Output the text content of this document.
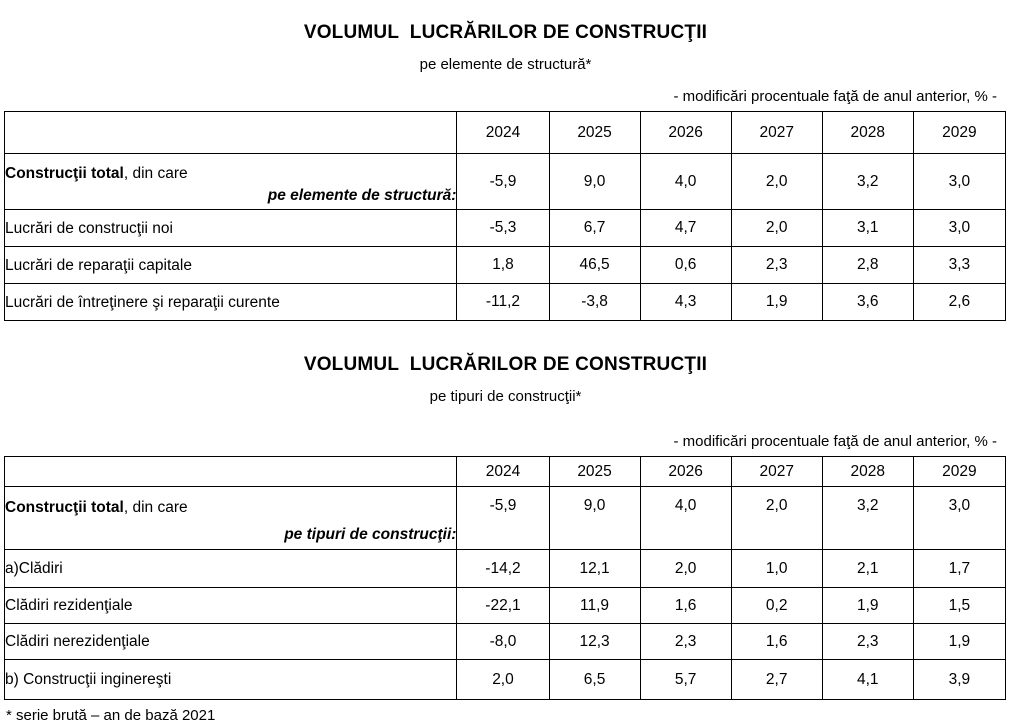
VOLUMUL  LUCRĂRILOR DE CONSTRUCŢII
pe elemente de structură*
- modificări procentuale faţă de anul anterior, % -
	2024	2025	2026	2027	2028	2029
Construcţii total, din care
pe elemente de structură:	-5,9	9,0	4,0	2,0	3,2	3,0
Lucrări de construcţii noi	-5,3	6,7	4,7	2,0	3,1	3,0
Lucrări de reparaţii capitale	1,8	46,5	0,6	2,3	2,8	3,3
Lucrări de întreţinere şi reparaţii curente	-11,2	-3,8	4,3	1,9	3,6	2,6
VOLUMUL  LUCRĂRILOR DE CONSTRUCŢII
pe tipuri de construcţii*
- modificări procentuale faţă de anul anterior, % -
	2024	2025	2026	2027	2028	2029
Construcţii total, din care
pe tipuri de construcţii:	-5,9	9,0	4,0	2,0	3,2	3,0
a)Clădiri	-14,2	12,1	2,0	1,0	2,1	1,7
Clădiri rezidenţiale	-22,1	11,9	1,6	0,2	1,9	1,5
Clădiri nerezidenţiale	-8,0	12,3	2,3	1,6	2,3	1,9
b) Construcţii inginereşti	2,0	6,5	5,7	2,7	4,1	3,9
* serie brută – an de bază 2021
